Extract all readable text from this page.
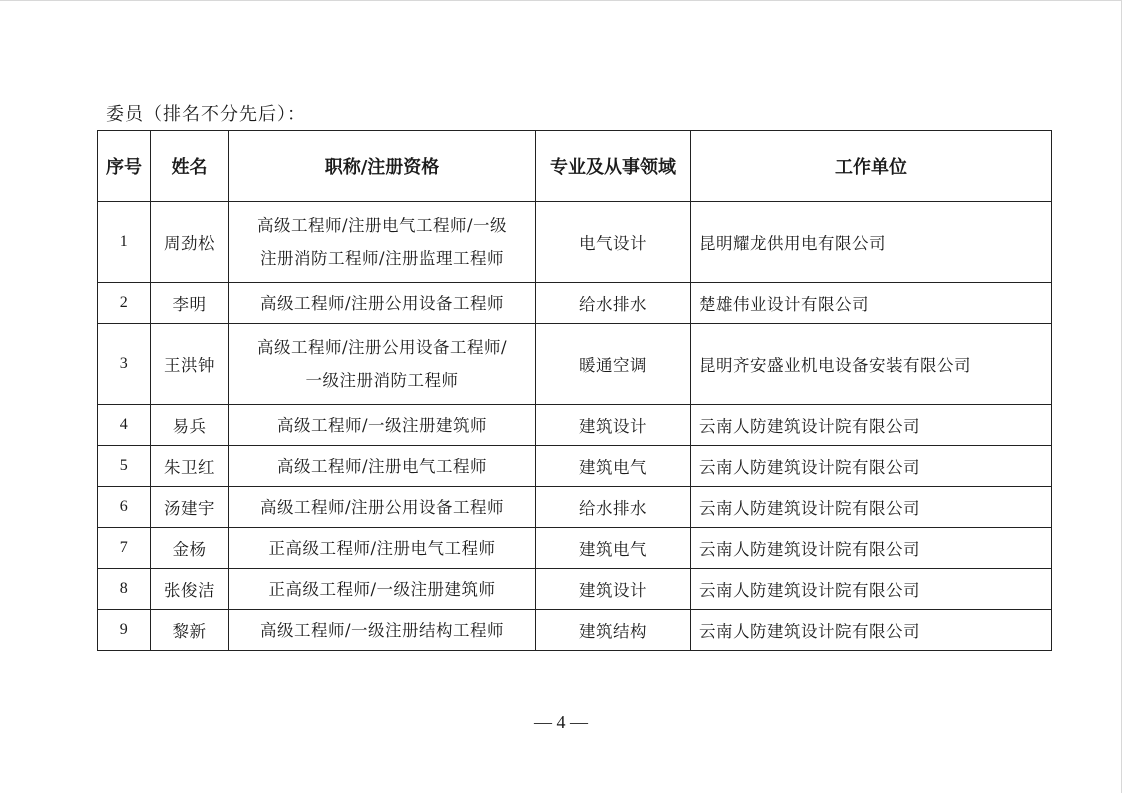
委员（排名不分先后）：
序号	姓名	职称/注册资格	专业及从事领域	工作单位
1	周劲松	高级工程师/注册电气工程师/一级
注册消防工程师/注册监理工程师	电气设计	昆明耀龙供用电有限公司
2	李明	高级工程师/注册公用设备工程师	给水排水	楚雄伟业设计有限公司
3	王洪钟	高级工程师/注册公用设备工程师/
一级注册消防工程师	暖通空调	昆明齐安盛业机电设备安装有限公司
4	易兵	高级工程师/一级注册建筑师	建筑设计	云南人防建筑设计院有限公司
5	朱卫红	高级工程师/注册电气工程师	建筑电气	云南人防建筑设计院有限公司
6	汤建宇	高级工程师/注册公用设备工程师	给水排水	云南人防建筑设计院有限公司
7	金杨	正高级工程师/注册电气工程师	建筑电气	云南人防建筑设计院有限公司
8	张俊洁	正高级工程师/一级注册建筑师	建筑设计	云南人防建筑设计院有限公司
9	黎新	高级工程师/一级注册结构工程师	建筑结构	云南人防建筑设计院有限公司
— 4 —
